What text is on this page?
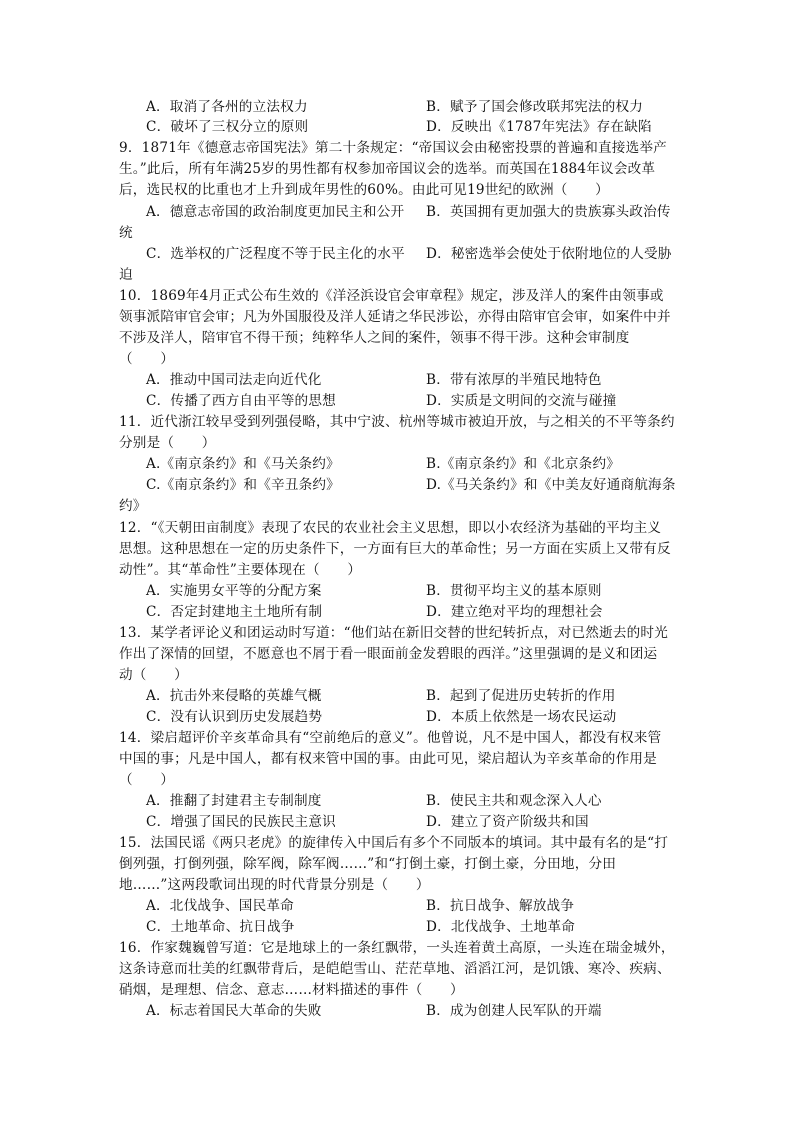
A．取消了各州的立法权力	B．赋予了国会修改联邦宪法的权力
C．破坏了三权分立的原则	D．反映出《1787年宪法》存在缺陷
9．1871年《德意志帝国宪法》第二十条规定：“帝国议会由秘密投票的普遍和直接选举产
生。”此后，所有年满25岁的男性都有权参加帝国议会的选举。而英国在1884年议会改革
后，选民权的比重也才上升到成年男性的60%。由此可见19世纪的欧洲（　　）
A．德意志帝国的政治制度更加民主和公开 B．英国拥有更加强大的贵族寡头政治传
统
C．选举权的广泛程度不等于民主化的水平 D．秘密选举会使处于依附地位的人受胁
迫
10．1869年4月正式公布生效的《洋泾浜设官会审章程》规定，涉及洋人的案件由领事或
领事派陪审官会审；凡为外国服役及洋人延请之华民涉讼，亦得由陪审官会审，如案件中并
不涉及洋人，陪审官不得干预；纯粹华人之间的案件，领事不得干涉。这种会审制度
（　　）
A．推动中国司法走向近代化	B．带有浓厚的半殖民地特色
C．传播了西方自由平等的思想	D．实质是文明间的交流与碰撞
11．近代浙江较早受到列强侵略，其中宁波、杭州等城市被迫开放，与之相关的不平等条约
分别是（　　）
A.《南京条约》和《马关条约》	B.《南京条约》和《北京条约》
C.《南京条约》和《辛丑条约》	D.《马关条约》和《中美友好通商航海条
约》
12．“《天朝田亩制度》表现了农民的农业社会主义思想，即以小农经济为基础的平均主义
思想。这种思想在一定的历史条件下，一方面有巨大的革命性；另一方面在实质上又带有反
动性”。其“革命性”主要体现在（　　）
A．实施男女平等的分配方案	B．贯彻平均主义的基本原则
C．否定封建地主土地所有制	D．建立绝对平均的理想社会
13．某学者评论义和团运动时写道：“他们站在新旧交替的世纪转折点，对已然逝去的时光
作出了深情的回望，不愿意也不屑于看一眼面前金发碧眼的西洋。”这里强调的是义和团运
动（　　）
A．抗击外来侵略的英雄气概	B．起到了促进历史转折的作用
C．没有认识到历史发展趋势	D．本质上依然是一场农民运动
14．梁启超评价辛亥革命具有“空前绝后的意义”。他曾说，凡不是中国人，都没有权来管
中国的事；凡是中国人，都有权来管中国的事。由此可见，梁启超认为辛亥革命的作用是
（　　）
A．推翻了封建君主专制制度	B．使民主共和观念深入人心
C．增强了国民的民族民主意识	D．建立了资产阶级共和国
15．法国民谣《两只老虎》的旋律传入中国后有多个不同版本的填词。其中最有名的是“打
倒列强，打倒列强，除军阀，除军阀……”和“打倒土豪，打倒土豪，分田地，分田
地……”这两段歌词出现的时代背景分别是（　　）
A．北伐战争、国民革命	B．抗日战争、解放战争
C．土地革命、抗日战争	D．北伐战争、土地革命
16．作家魏巍曾写道：它是地球上的一条红飘带，一头连着黄土高原，一头连在瑞金城外，
这条诗意而壮美的红飘带背后，是皑皑雪山、茫茫草地、滔滔江河，是饥饿、寒冷、疾病、
硝烟，是理想、信念、意志……材料描述的事件（　　）
A．标志着国民大革命的失败	B．成为创建人民军队的开端
